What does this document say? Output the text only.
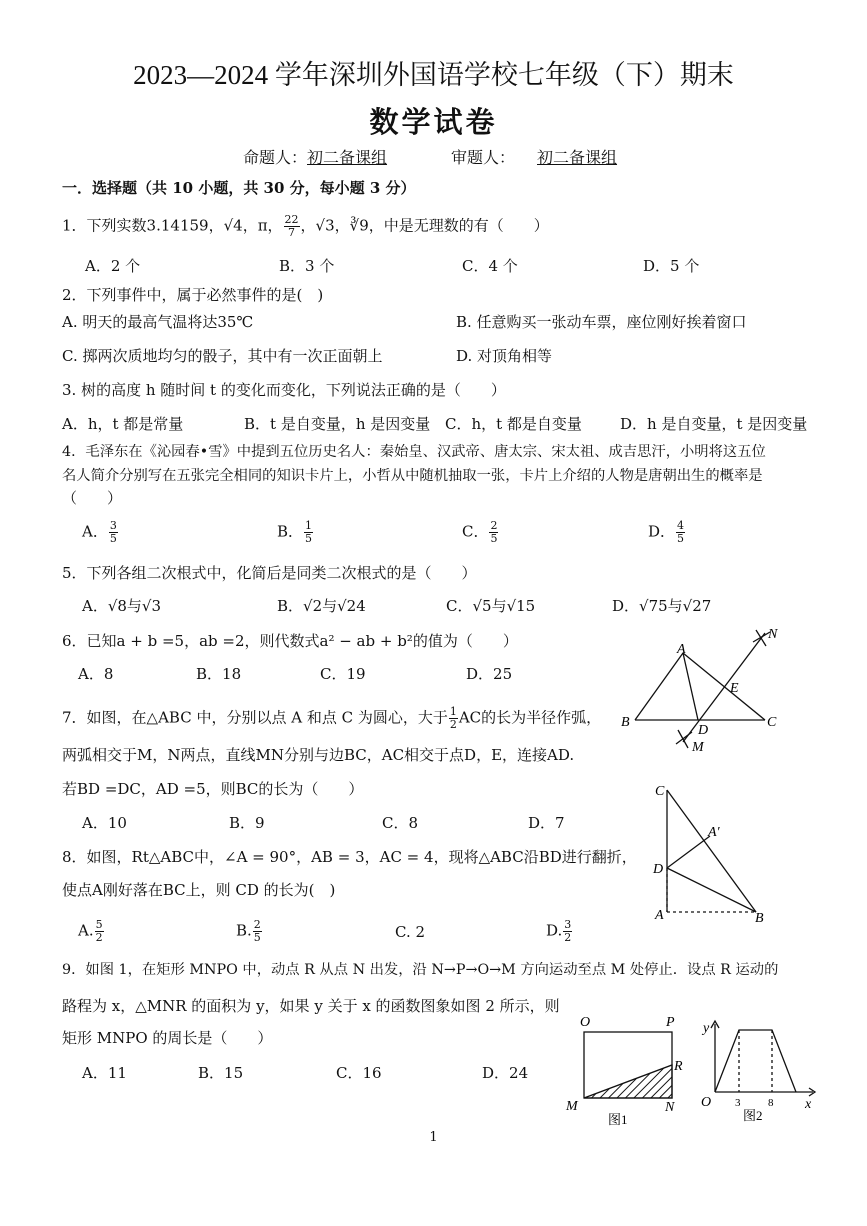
2023—2024 学年深圳外国语学校七年级（下）期末
数学试卷
命题人：初二备课组	审题人： 初二备课组
一．选择题（共 10 小题，共 30 分，每小题 3 分）
1．下列实数3.14159，√4，π， $\frac{22}{7}$ ，√3，∛9，中是无理数的有（　　）
A．2 个	B．3 个	C．4 个	D．5 个
2．下列事件中，属于必然事件的是(　)
A. 明天的最高气温将达35℃	B. 任意购买一张动车票，座位刚好挨着窗口
C. 掷两次质地均匀的骰子，其中有一次正面朝上	D. 对顶角相等
3. 树的高度 h 随时间 t 的变化而变化，下列说法正确的是（　　）
A．h，t 都是常量	B．t 是自变量，h 是因变量 C．h，t 都是自变量	D．h 是自变量，t 是因变量
4．毛泽东在《沁园春•雪》中提到五位历史名人：秦始皇、汉武帝、唐太宗、宋太祖、成吉思汗，小明将这五位
名人简介分别写在五张完全相同的知识卡片上，小哲从中随机抽取一张，卡片上介绍的人物是唐朝出生的概率是
（　　）
A． $\frac{3}{5}$	B． $\frac{1}{5}$	C． $\frac{2}{5}$	D． $\frac{4}{5}$
5．下列各组二次根式中，化简后是同类二次根式的是（　　）
A．√8与√3	B．√2与√24	C．√5与√15	D．√75与√27
6．已知a + b =5，ab =2，则代数式a² − ab + b²的值为（　　）
A．8	B．18	C．19	D．25
7．如图，在△ABC 中，分别以点 A 和点 C 为圆心，大于 $\frac{1}{2}$ AC的长为半径作弧，
两弧相交于M，N两点，直线MN分别与边BC，AC相交于点D，E，连接AD.
若BD =DC，AD =5，则BC的长为（　　）
A．10	B．9	C．8	D．7
8．如图，Rt△ABC中，∠A = 90°，AB = 3，AC = 4，现将△ABC沿BD进行翻折，
使点A刚好落在BC上，则 CD 的长为(　)
A. $\frac{5}{2}$	B. $\frac{2}{5}$	C. 2	D. $\frac{3}{2}$
9．如图 1，在矩形 MNPO 中，动点 R 从点 N 出发，沿 N→P→O→M 方向运动至点 M 处停止．设点 R 运动的
路程为 x，△MNR 的面积为 y，如果 y 关于 x 的函数图象如图 2 所示，则
矩形 MNPO 的周长是（　　）
A．11	B．15	C．16	D．24
A
B	C
D
E
M
N
C
A′
D
A	B
O	P
R
M	N
图1
y
O 3	8 x
图2
1
